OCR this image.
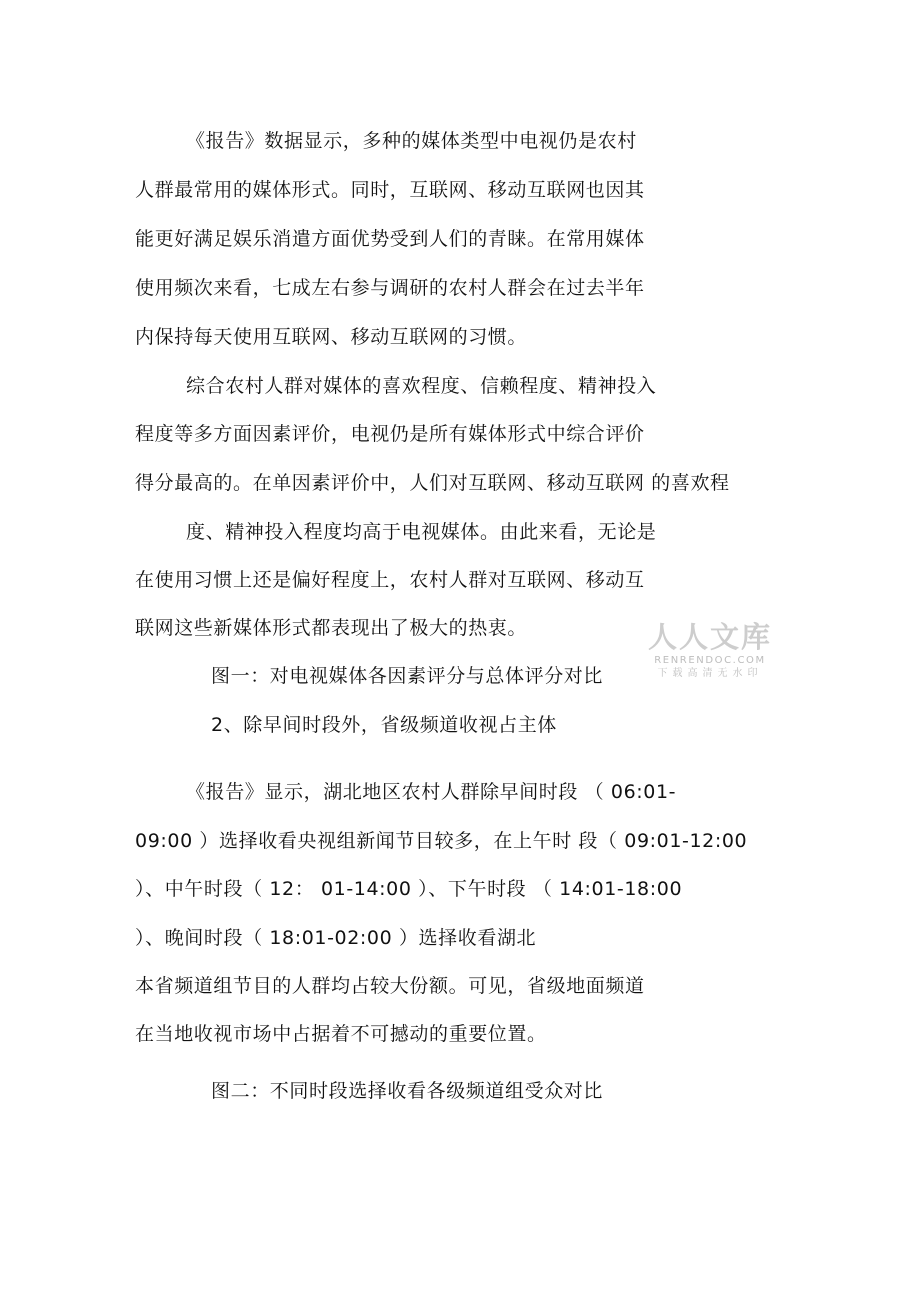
《报告》数据显示，多种的媒体类型中电视仍是农村
人群最常用的媒体形式。同时，互联网、移动互联网也因其
能更好满足娱乐消遣方面优势受到人们的青睐。在常用媒体
使用频次来看，七成左右参与调研的农村人群会在过去半年
内保持每天使用互联网、移动互联网的习惯。
综合农村人群对媒体的喜欢程度、信赖程度、精神投入
程度等多方面因素评价，电视仍是所有媒体形式中综合评价
得分最高的。在单因素评价中，人们对互联网、移动互联网 的喜欢程
度、精神投入程度均高于电视媒体。由此来看，无论是
在使用习惯上还是偏好程度上，农村人群对互联网、移动互
联网这些新媒体形式都表现出了极大的热衷。
图一：对电视媒体各因素评分与总体评分对比
2、除早间时段外，省级频道收视占主体
《报告》显示，湖北地区农村人群除早间时段 （ 06:01-
09:00 ）选择收看央视组新闻节目较多，在上午时 段（ 09:01-12:00
）、中午时段（ 12： 01-14:00 ）、下午时段 （ 14:01-18:00
）、晚间时段（ 18:01-02:00 ）选择收看湖北
本省频道组节目的人群均占较大份额。可见，省级地面频道
在当地收视市场中占据着不可撼动的重要位置。
图二：不同时段选择收看各级频道组受众对比
人人文库
RENRENDOC.COM
下载高清无水印
